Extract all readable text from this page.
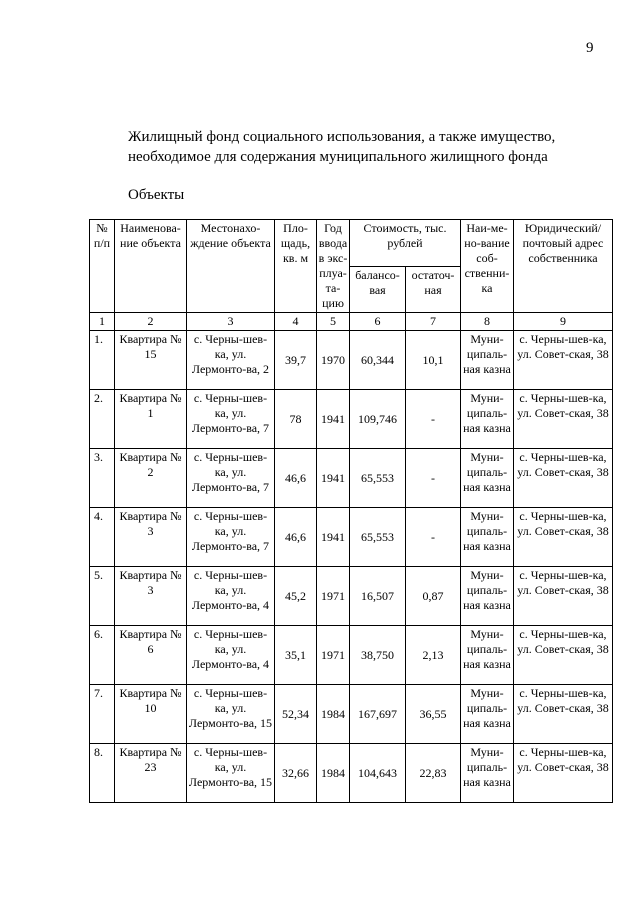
9
Жилищный фонд социального использования, а также имущество,
необходимое для содержания муниципального жилищного фонда
Объекты
№ п/п	Наименова-ние объекта	Местонахо-ждение объекта	Пло-щадь, кв. м	Год ввода в экс-плуа-та-цию	Стоимость, тыс. рублей		Наи-ме-но-вание соб-ственни-ка	Юридический/ почтовый адрес собственника
					балансо-вая	остаточ-ная		
1	2	3	4	5	6	7	8	9
1.	Квартира № 15	с. Черны-шев-ка, ул. Лермонто-ва, 2	39,7	1970	60,344	10,1	Муни-ципаль-ная казна	с. Черны-шев-ка, ул. Совет-ская, 38
2.	Квартира № 1	с. Черны-шев-ка, ул. Лермонто-ва, 7	78	1941	109,746	-	Муни-ципаль-ная казна	с. Черны-шев-ка, ул. Совет-ская, 38
3.	Квартира № 2	с. Черны-шев-ка, ул. Лермонто-ва, 7	46,6	1941	65,553	-	Муни-ципаль-ная казна	с. Черны-шев-ка, ул. Совет-ская, 38
4.	Квартира № 3	с. Черны-шев-ка, ул. Лермонто-ва, 7	46,6	1941	65,553	-	Муни-ципаль-ная казна	с. Черны-шев-ка, ул. Совет-ская, 38
5.	Квартира № 3	с. Черны-шев-ка, ул. Лермонто-ва, 4	45,2	1971	16,507	0,87	Муни-ципаль-ная казна	с. Черны-шев-ка, ул. Совет-ская, 38
6.	Квартира № 6	с. Черны-шев-ка, ул. Лермонто-ва, 4	35,1	1971	38,750	2,13	Муни-ципаль-ная казна	с. Черны-шев-ка, ул. Совет-ская, 38
7.	Квартира № 10	с. Черны-шев-ка, ул. Лермонто-ва, 15	52,34	1984	167,697	36,55	Муни-ципаль-ная казна	с. Черны-шев-ка, ул. Совет-ская, 38
8.	Квартира № 23	с. Черны-шев-ка, ул. Лермонто-ва, 15	32,66	1984	104,643	22,83	Муни-ципаль-ная казна	с. Черны-шев-ка, ул. Совет-ская, 38
